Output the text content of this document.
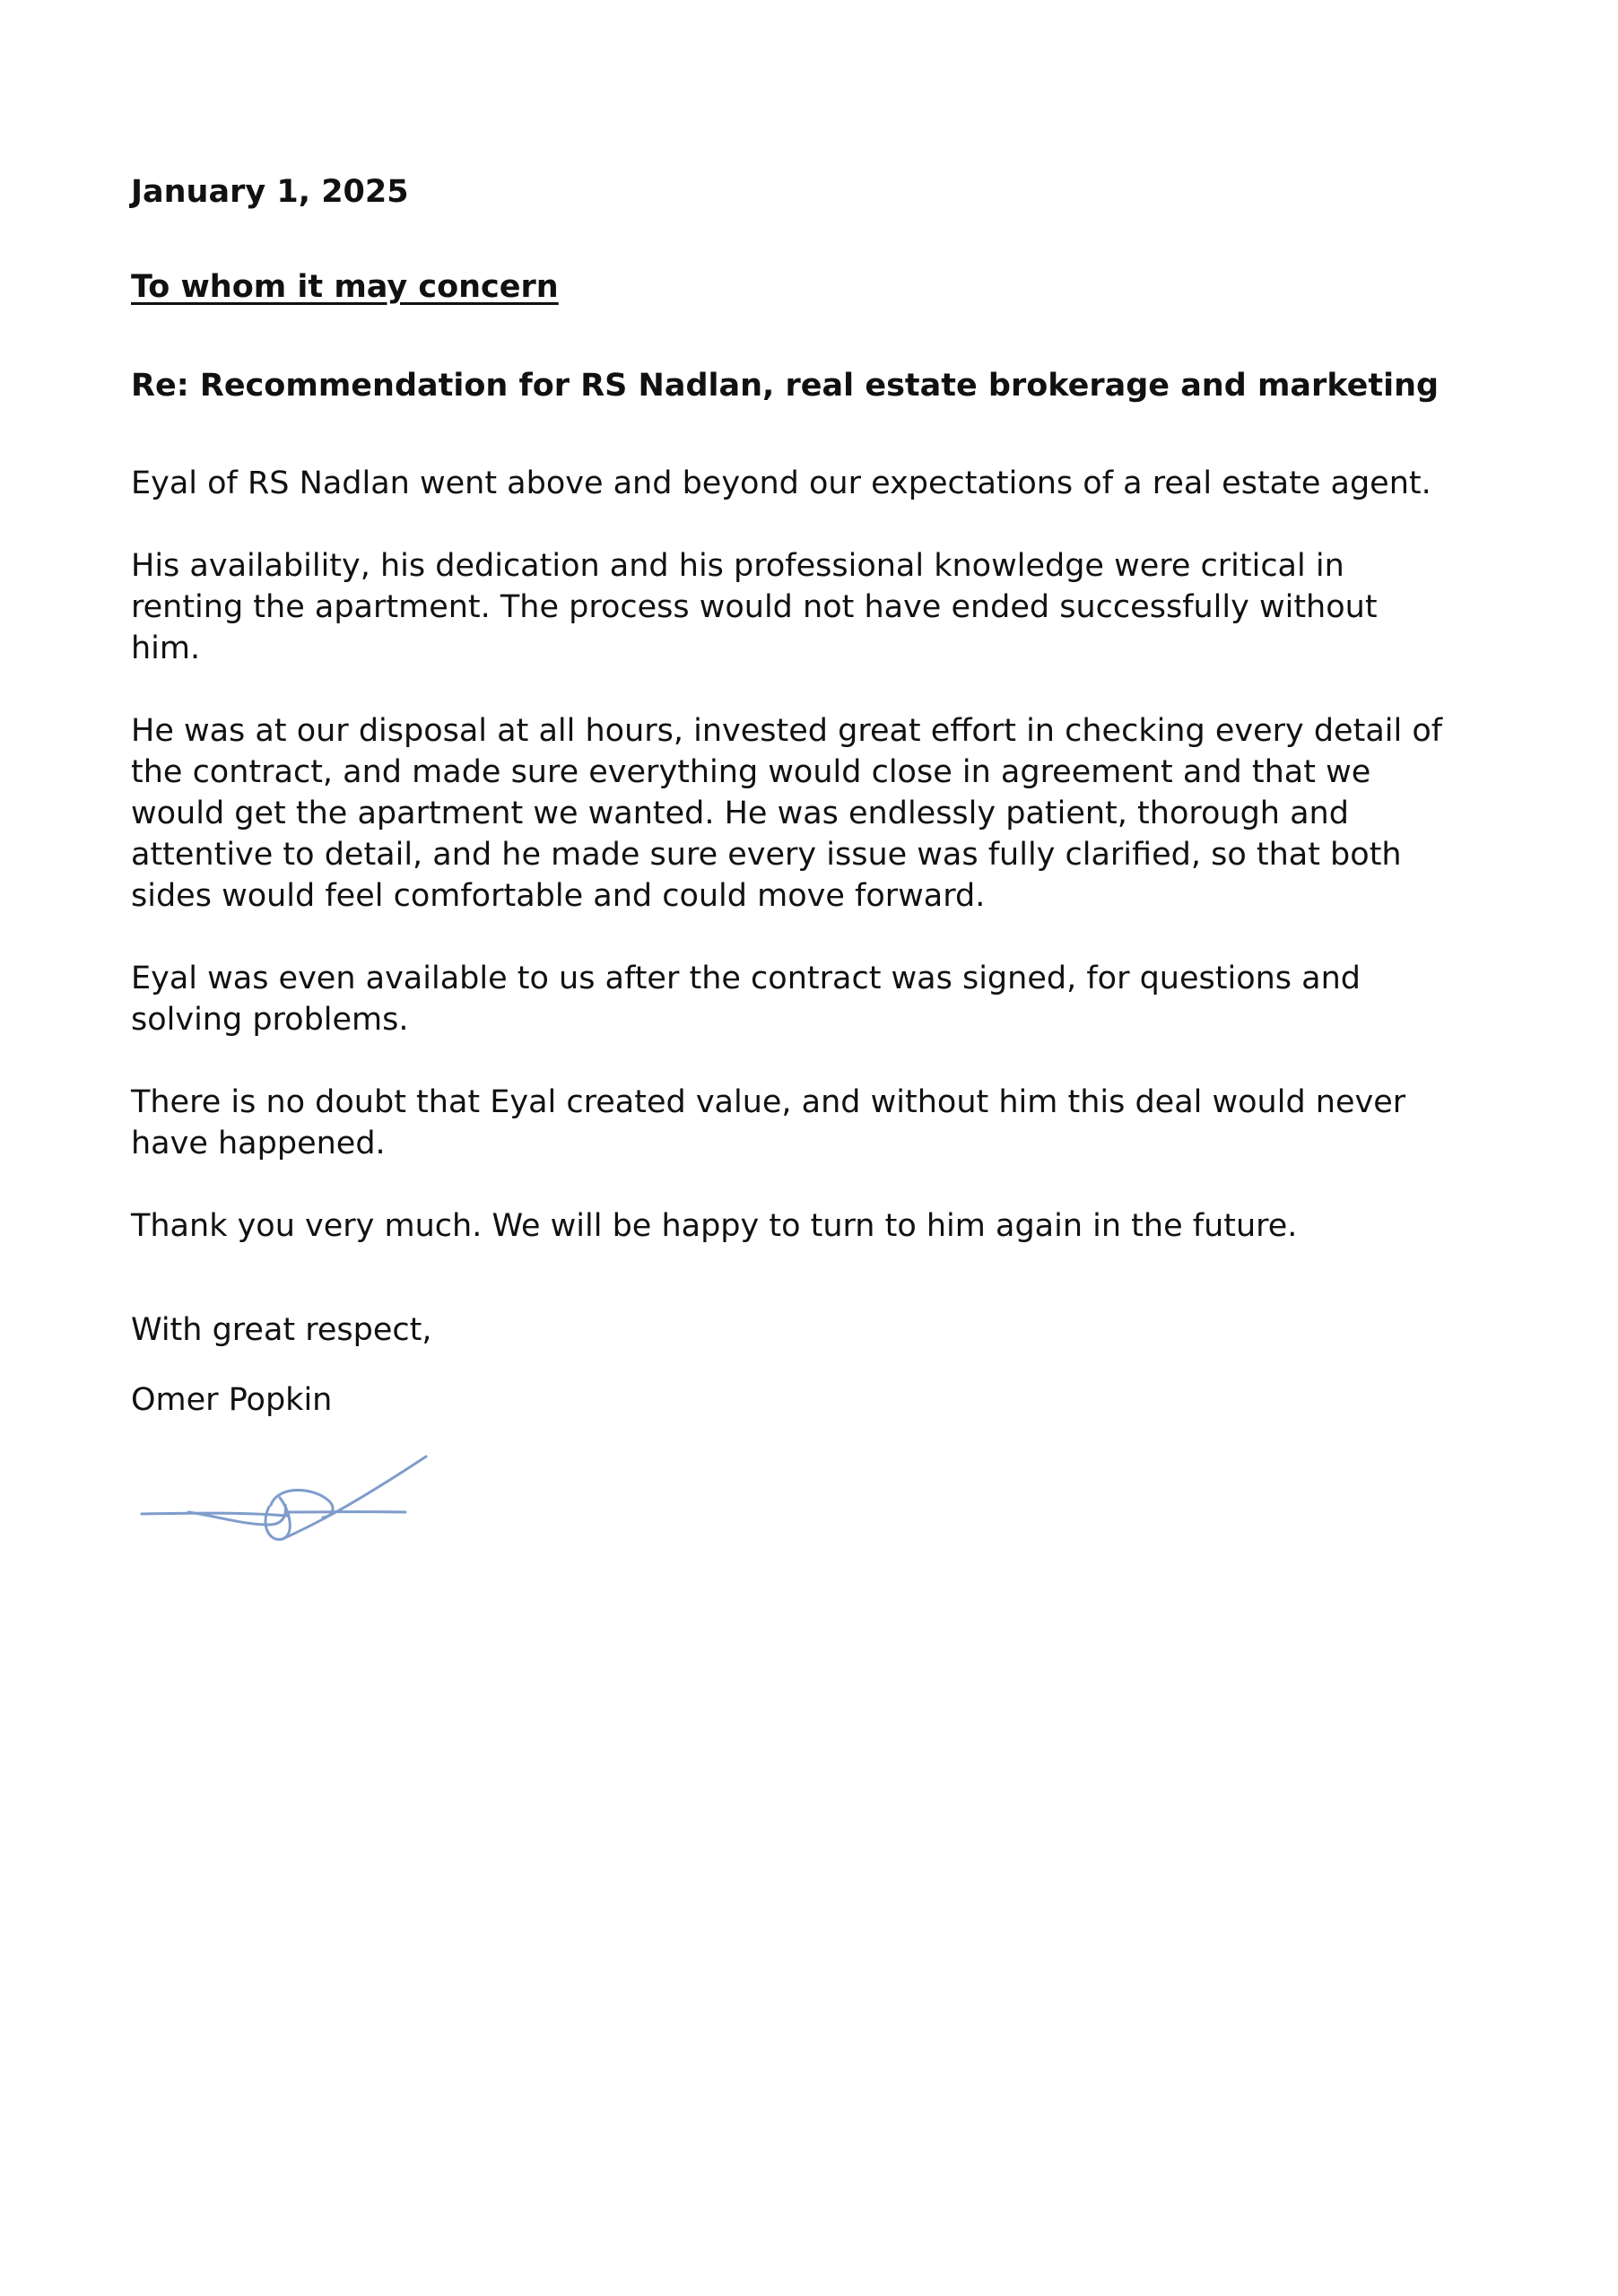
January 1, 2025

To whom it may concern

Re: Recommendation for RS Nadlan, real estate brokerage and marketing

Eyal of RS Nadlan went above and beyond our expectations of a real estate agent.

His availability, his dedication and his professional knowledge were critical in
renting the apartment. The process would not have ended successfully without
him.

He was at our disposal at all hours, invested great effort in checking every detail of
the contract, and made sure everything would close in agreement and that we
would get the apartment we wanted. He was endlessly patient, thorough and
attentive to detail, and he made sure every issue was fully clarified, so that both
sides would feel comfortable and could move forward.

Eyal was even available to us after the contract was signed, for questions and
solving problems.

There is no doubt that Eyal created value, and without him this deal would never
have happened.

Thank you very much. We will be happy to turn to him again in the future.

With great respect,

Omer Popkin
